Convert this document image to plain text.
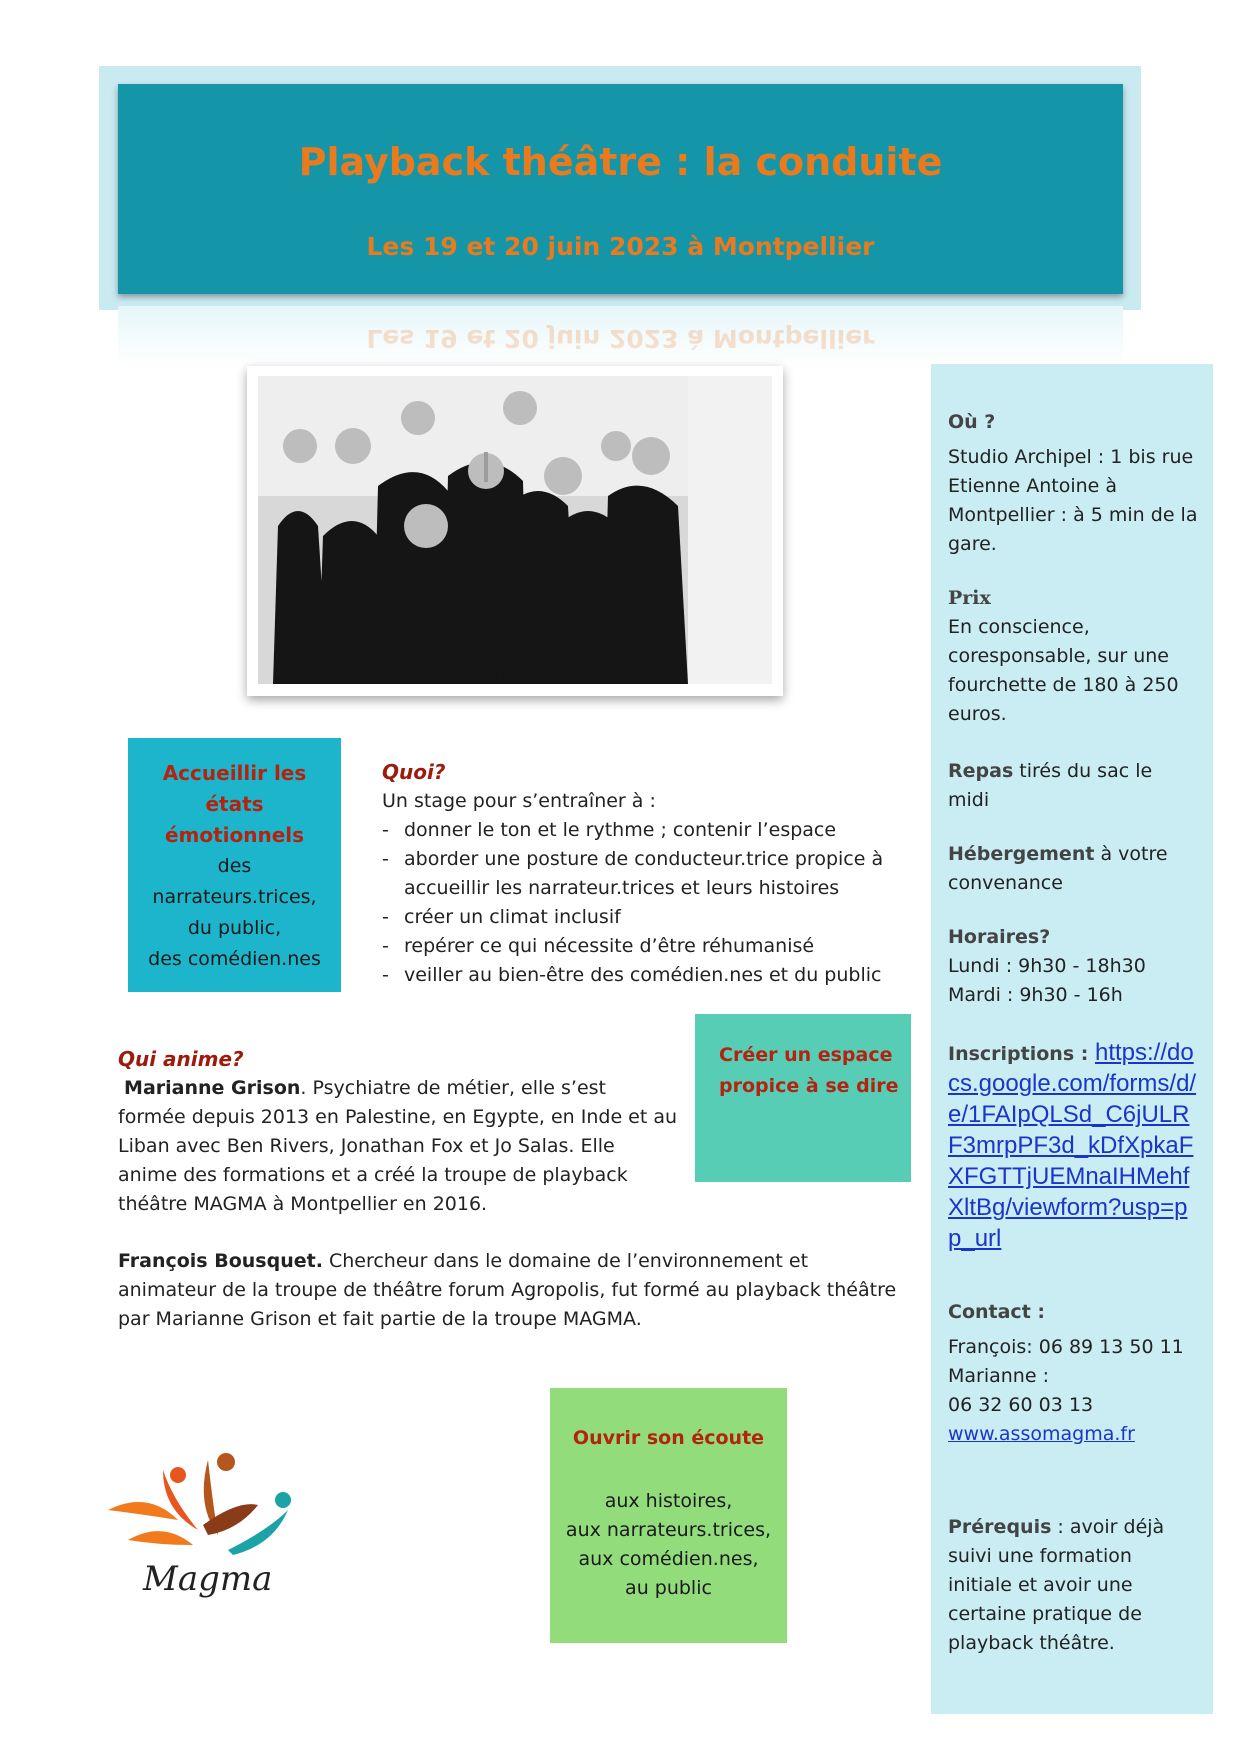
Playback théâtre : la conduite
Les 19 et 20 juin 2023 à Montpellier
Les 19 et 20 juin 2023 à Montpellier
Accueillir les états émotionnels
des
narrateurs.trices,
du public,
des comédien.nes
Quoi?
Un stage pour s’entraîner à :
- donner le ton et le rythme ; contenir l’espace
- aborder une posture de conducteur.trice propice à accueillir les narrateur.trices et leurs histoires
- créer un climat inclusif
- repérer ce qui nécessite d’être réhumanisé
- veiller au bien-être des comédien.nes et du public
Créer un espace propice à se dire
Qui anime?
Marianne Grison. Psychiatre de métier, elle s’est formée depuis 2013 en Palestine, en Egypte, en Inde et au Liban avec Ben Rivers, Jonathan Fox et Jo Salas. Elle anime des formations et a créé la troupe de playback théâtre MAGMA à Montpellier en 2016.
François Bousquet. Chercheur dans le domaine de l’environnement et animateur de la troupe de théâtre forum Agropolis, fut formé au playback théâtre par Marianne Grison et fait partie de la troupe MAGMA.
Ouvrir son écoute
aux histoires,
aux narrateurs.trices,
aux comédien.nes,
au public
Magma
Où ?
Studio Archipel : 1 bis rue Etienne Antoine à Montpellier : à 5 min de la gare.
Prix
En conscience, coresponsable, sur une fourchette de 180 à 250 euros.
Repas tirés du sac le midi
Hébergement à votre convenance
Horaires?
Lundi : 9h30 - 18h30
Mardi : 9h30 - 16h
Inscriptions : https://docs.google.com/forms/d/e/1FAIpQLSd_C6jULRF3mrpPF3d_kDfXpkaFXFGTTjUEMnaIHMehfXltBg/viewform?usp=pp_url
Contact :
François: 06 89 13 50 11
Marianne :
06 32 60 03 13
www.assomagma.fr
Prérequis : avoir déjà suivi une formation initiale et avoir une certaine pratique de playback théâtre.
